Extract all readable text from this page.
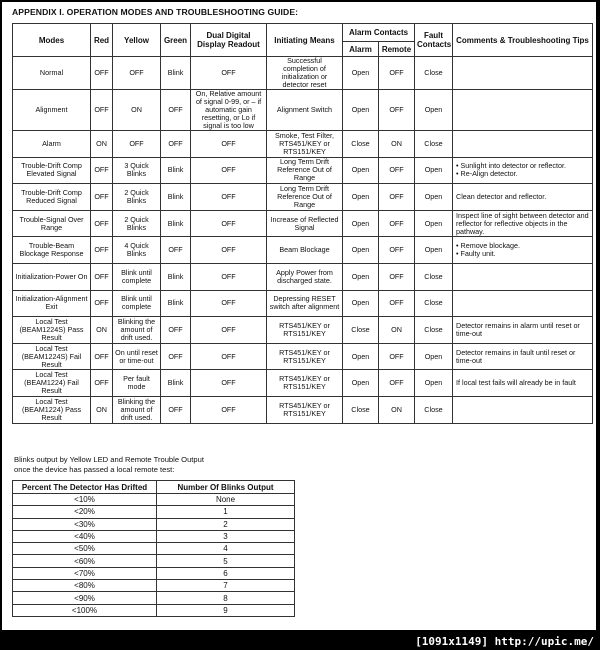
APPENDIX I. OPERATION MODES AND TROUBLESHOOTING GUIDE:
Modes	Red	Yellow	Green	Dual Digital Display Readout	Initiating Means	Alarm Contacts		Fault Contacts	Comments & Troubleshooting Tips
						Alarm	Remote		
Normal	OFF	OFF	Blink	OFF	Successful completion of initialization or detector reset	Open	OFF	Close	
Alignment	OFF	ON	OFF	On, Relative amount of signal 0-99, or – if automatic gain resetting, or Lo if signal is too low	Alignment Switch	Open	OFF	Open	
Alarm	ON	OFF	OFF	OFF	Smoke, Test Filter, RTS451/KEY or RTS151/KEY	Close	ON	Close	
Trouble-Drift Comp Elevated Signal	OFF	3 Quick Blinks	Blink	OFF	Long Term Drift Reference Out of Range	Open	OFF	Open	• Sunlight into detector or reflector.
• Re-Align detector.

Trouble-Drift Comp Reduced Signal	OFF	2 Quick Blinks	Blink	OFF	Long Term Drift Reference Out of Range	Open	OFF	Open	Clean detector and reflector.

Trouble-Signal Over Range	OFF	2 Quick Blinks	Blink	OFF	Increase of Reflected Signal	Open	OFF	Open	Inspect line of sight between detector and reflector for reflective objects in the pathway.

Trouble-Beam Blockage Response	OFF	4 Quick Blinks	OFF	OFF	Beam Blockage	Open	OFF	Open	• Remove blockage.
• Faulty unit.

Initialization-Power On	OFF	Blink until complete	Blink	OFF	Apply Power from discharged state.	Open	OFF	Close	
Initialization-Alignment Exit	OFF	Blink until complete	Blink	OFF	Depressing RESET switch after alignment	Open	OFF	Close	
Local Test (BEAM1224S) Pass Result	ON	Blinking the amount of drift used.	OFF	OFF	RTS451/KEY or RTS151/KEY	Close	ON	Close	Detector remains in alarm until reset or time-out

Local Test (BEAM1224S) Fail Result	OFF	On until reset or time-out	OFF	OFF	RTS451/KEY or RTS151/KEY	Open	OFF	Open	Detector remains in fault until reset or time-out

Local Test (BEAM1224) Fail Result	OFF	Per fault mode	Blink	OFF	RTS451/KEY or RTS151/KEY	Open	OFF	Open	If local test fails will already be in fault

Local Test (BEAM1224) Pass Result	ON	Blinking the amount of drift used.	OFF	OFF	RTS451/KEY or RTS151/KEY	Close	ON	Close	
Blinks output by Yellow LED and Remote Trouble Output
once the device has passed a local remote test:
Percent The Detector Has Drifted	Number Of Blinks Output
<10%	None
<20%	1
<30%	2
<40%	3
<50%	4
<60%	5
<70%	6
<80%	7
<90%	8
<100%	9
[1091x1149] http://upic.me/
